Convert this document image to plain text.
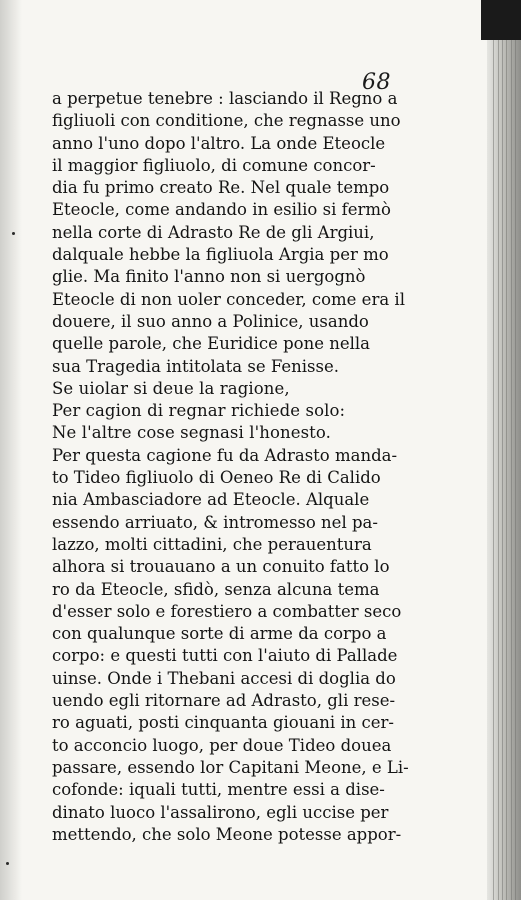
68
a perpetue tenebre : lasciando il Regno a
figliuoli con conditione, che regnasse uno
anno l'uno dopo l'altro. La onde Eteocle
il maggior figliuolo, di comune concor-
dia fu primo creato Re. Nel quale tempo
Eteocle, come andando in esilio si fermò
nella corte di Adrasto Re de gli Argiui,
dalquale hebbe la figliuola Argia per mo
glie. Ma finito l'anno non si uergognò
Eteocle di non uoler conceder, come era il
douere, il suo anno a Polinice, usando
quelle parole, che Euridice pone nella
sua Tragedia intitolata se Fenisse.
Se uiolar si deue la ragione,
Per cagion di regnar richiede solo:
Ne l'altre cose segnasi l'honesto.
Per questa cagione fu da Adrasto manda-
to Tideo figliuolo di Oeneo Re di Calido
nia Ambasciadore ad Eteocle. Alquale
essendo arriuato, & intromesso nel pa-
lazzo, molti cittadini, che perauentura
alhora si trouauano a un conuito fatto lo
ro da Eteocle, sfidò, senza alcuna tema
d'esser solo e forestiero a combatter seco
con qualunque sorte di arme da corpo a
corpo: e questi tutti con l'aiuto di Pallade
uinse. Onde i Thebani accesi di doglia do
uendo egli ritornare ad Adrasto, gli rese-
ro aguati, posti cinquanta giouani in cer-
to acconcio luogo, per doue Tideo douea
passare, essendo lor Capitani Meone, e Li-
cofonde: iquali tutti, mentre essi a dise-
dinato luoco l'assalirono, egli uccise per
mettendo, che solo Meone potesse appor-
